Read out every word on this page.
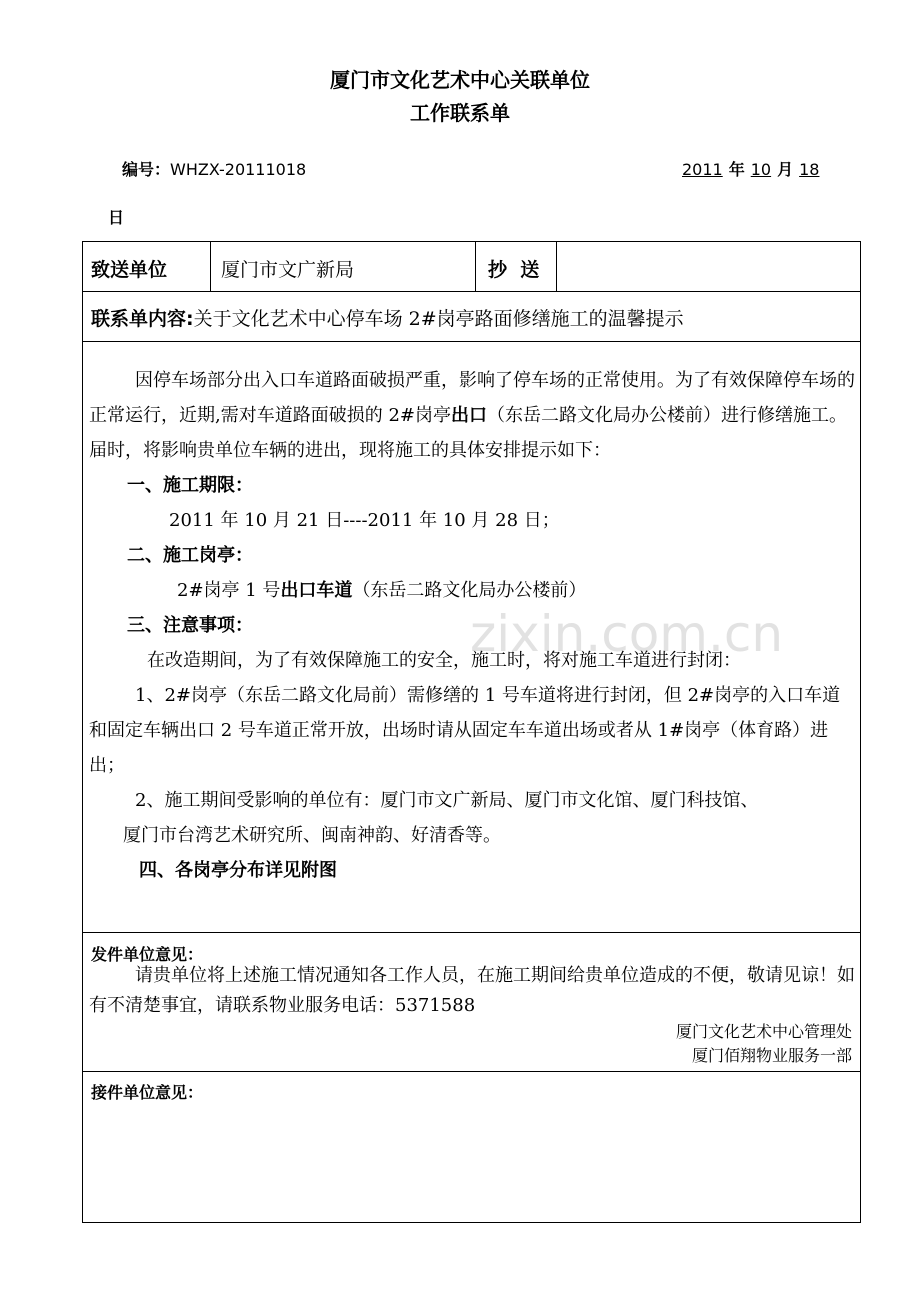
厦门市文化艺术中心关联单位
工作联系单
编号：WHZX-20111018	2011 年 10 月 18
日
zixin.com.cn
致送单位	厦门市文广新局	抄  送
联系单内容:关于文化艺术中心停车场 2#岗亭路面修缮施工的温馨提示

因停车场部分出入口车道路面破损严重，影响了停车场的正常使用。为了有效保障停车场的正常运行，近期,需对车道路面破损的 2#岗亭出口（东岳二路文化局办公楼前）进行修缮施工。届时，将影响贵单位车辆的进出，现将施工的具体安排提示如下：

一、施工期限：

2011 年 10 月 21 日----2011 年 10 月 28 日；

二、施工岗亭：

2#岗亭 1 号出口车道（东岳二路文化局办公楼前）

三、注意事项：

在改造期间，为了有效保障施工的安全，施工时，将对施工车道进行封闭：

1、2#岗亭（东岳二路文化局前）需修缮的 1 号车道将进行封闭，但 2#岗亭的入口车道和固定车辆出口 2 号车道正常开放，出场时请从固定车车道出场或者从 1#岗亭（体育路）进出；

2、施工期间受影响的单位有：厦门市文广新局、厦门市文化馆、厦门科技馆、

厦门市台湾艺术研究所、闽南神韵、好清香等。

四、各岗亭分布详见附图

发件单位意见：

请贵单位将上述施工情况通知各工作人员，在施工期间给贵单位造成的不便，敬请见谅！如有不清楚事宜，请联系物业服务电话：5371588

厦门文化艺术中心管理处
厦门佰翔物业服务一部
接件单位意见：
